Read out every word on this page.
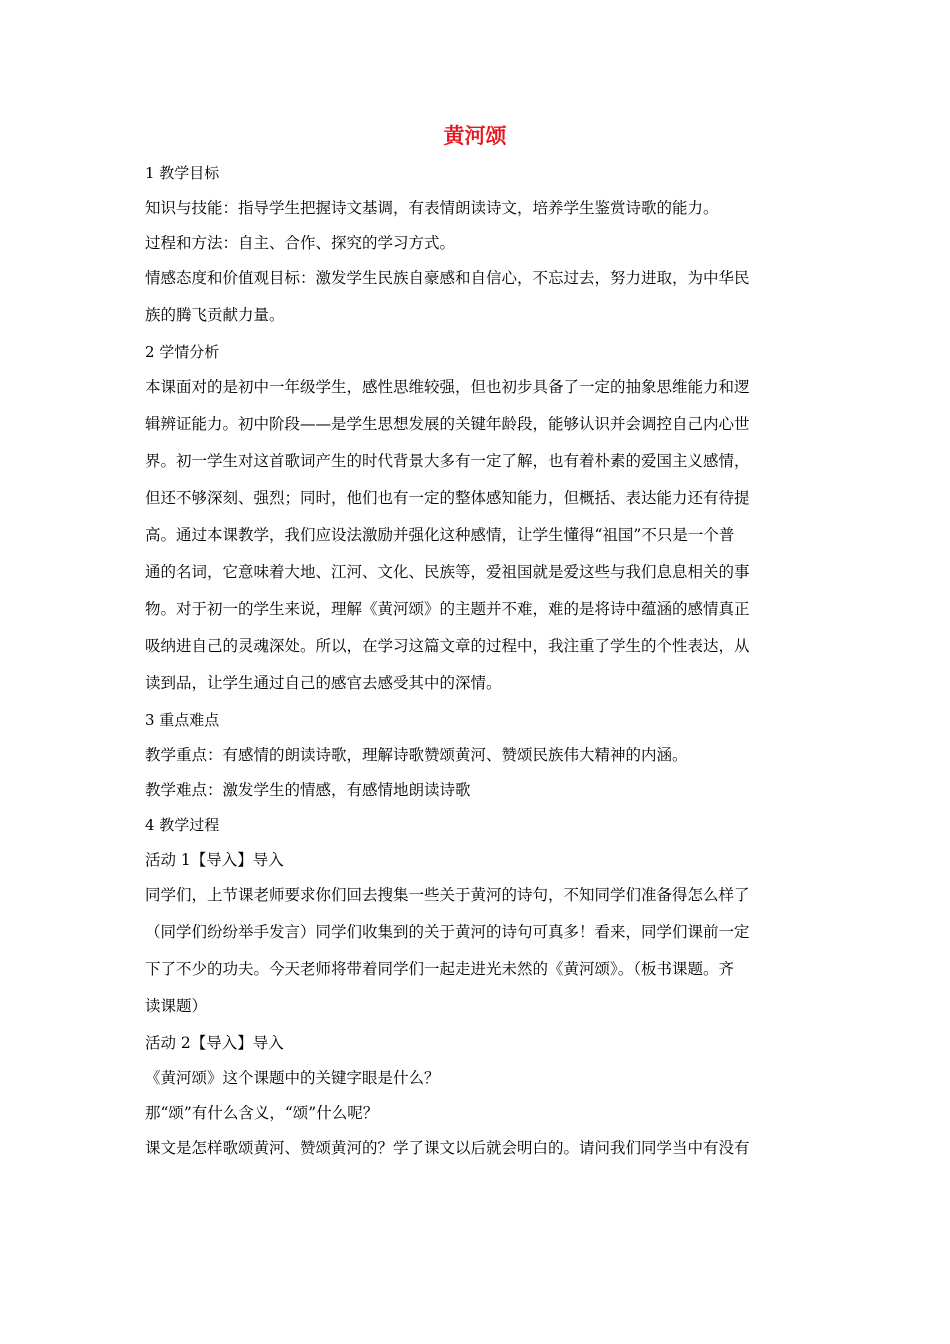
黄河颂
1 教学目标
知识与技能：指导学生把握诗文基调，有表情朗读诗文，培养学生鉴赏诗歌的能力。
过程和方法：自主、合作、探究的学习方式。
情感态度和价值观目标：激发学生民族自豪感和自信心，不忘过去，努力进取，为中华民
族的腾飞贡献力量。
2 学情分析
本课面对的是初中一年级学生，感性思维较强，但也初步具备了一定的抽象思维能力和逻
辑辨证能力。初中阶段——是学生思想发展的关键年龄段，能够认识并会调控自己内心世
界。初一学生对这首歌词产生的时代背景大多有一定了解，也有着朴素的爱国主义感情，
但还不够深刻、强烈；同时，他们也有一定的整体感知能力，但概括、表达能力还有待提
高。通过本课教学，我们应设法激励并强化这种感情，让学生懂得“祖国”不只是一个普
通的名词，它意味着大地、江河、文化、民族等，爱祖国就是爱这些与我们息息相关的事
物。对于初一的学生来说，理解《黄河颂》的主题并不难，难的是将诗中蕴涵的感情真正
吸纳进自己的灵魂深处。所以，在学习这篇文章的过程中，我注重了学生的个性表达，从
读到品，让学生通过自己的感官去感受其中的深情。
3 重点难点
教学重点：有感情的朗读诗歌，理解诗歌赞颂黄河、赞颂民族伟大精神的内涵。
教学难点：激发学生的情感，有感情地朗读诗歌
4 教学过程
活动 1【导入】导入
同学们，上节课老师要求你们回去搜集一些关于黄河的诗句，不知同学们准备得怎么样了
（同学们纷纷举手发言）同学们收集到的关于黄河的诗句可真多！看来，同学们课前一定
下了不少的功夫。今天老师将带着同学们一起走进光未然的《黄河颂》。（板书课题。齐
读课题）
活动 2【导入】导入
《黄河颂》这个课题中的关键字眼是什么？
那“颂”有什么含义，“颂”什么呢？
课文是怎样歌颂黄河、赞颂黄河的？学了课文以后就会明白的。请问我们同学当中有没有
